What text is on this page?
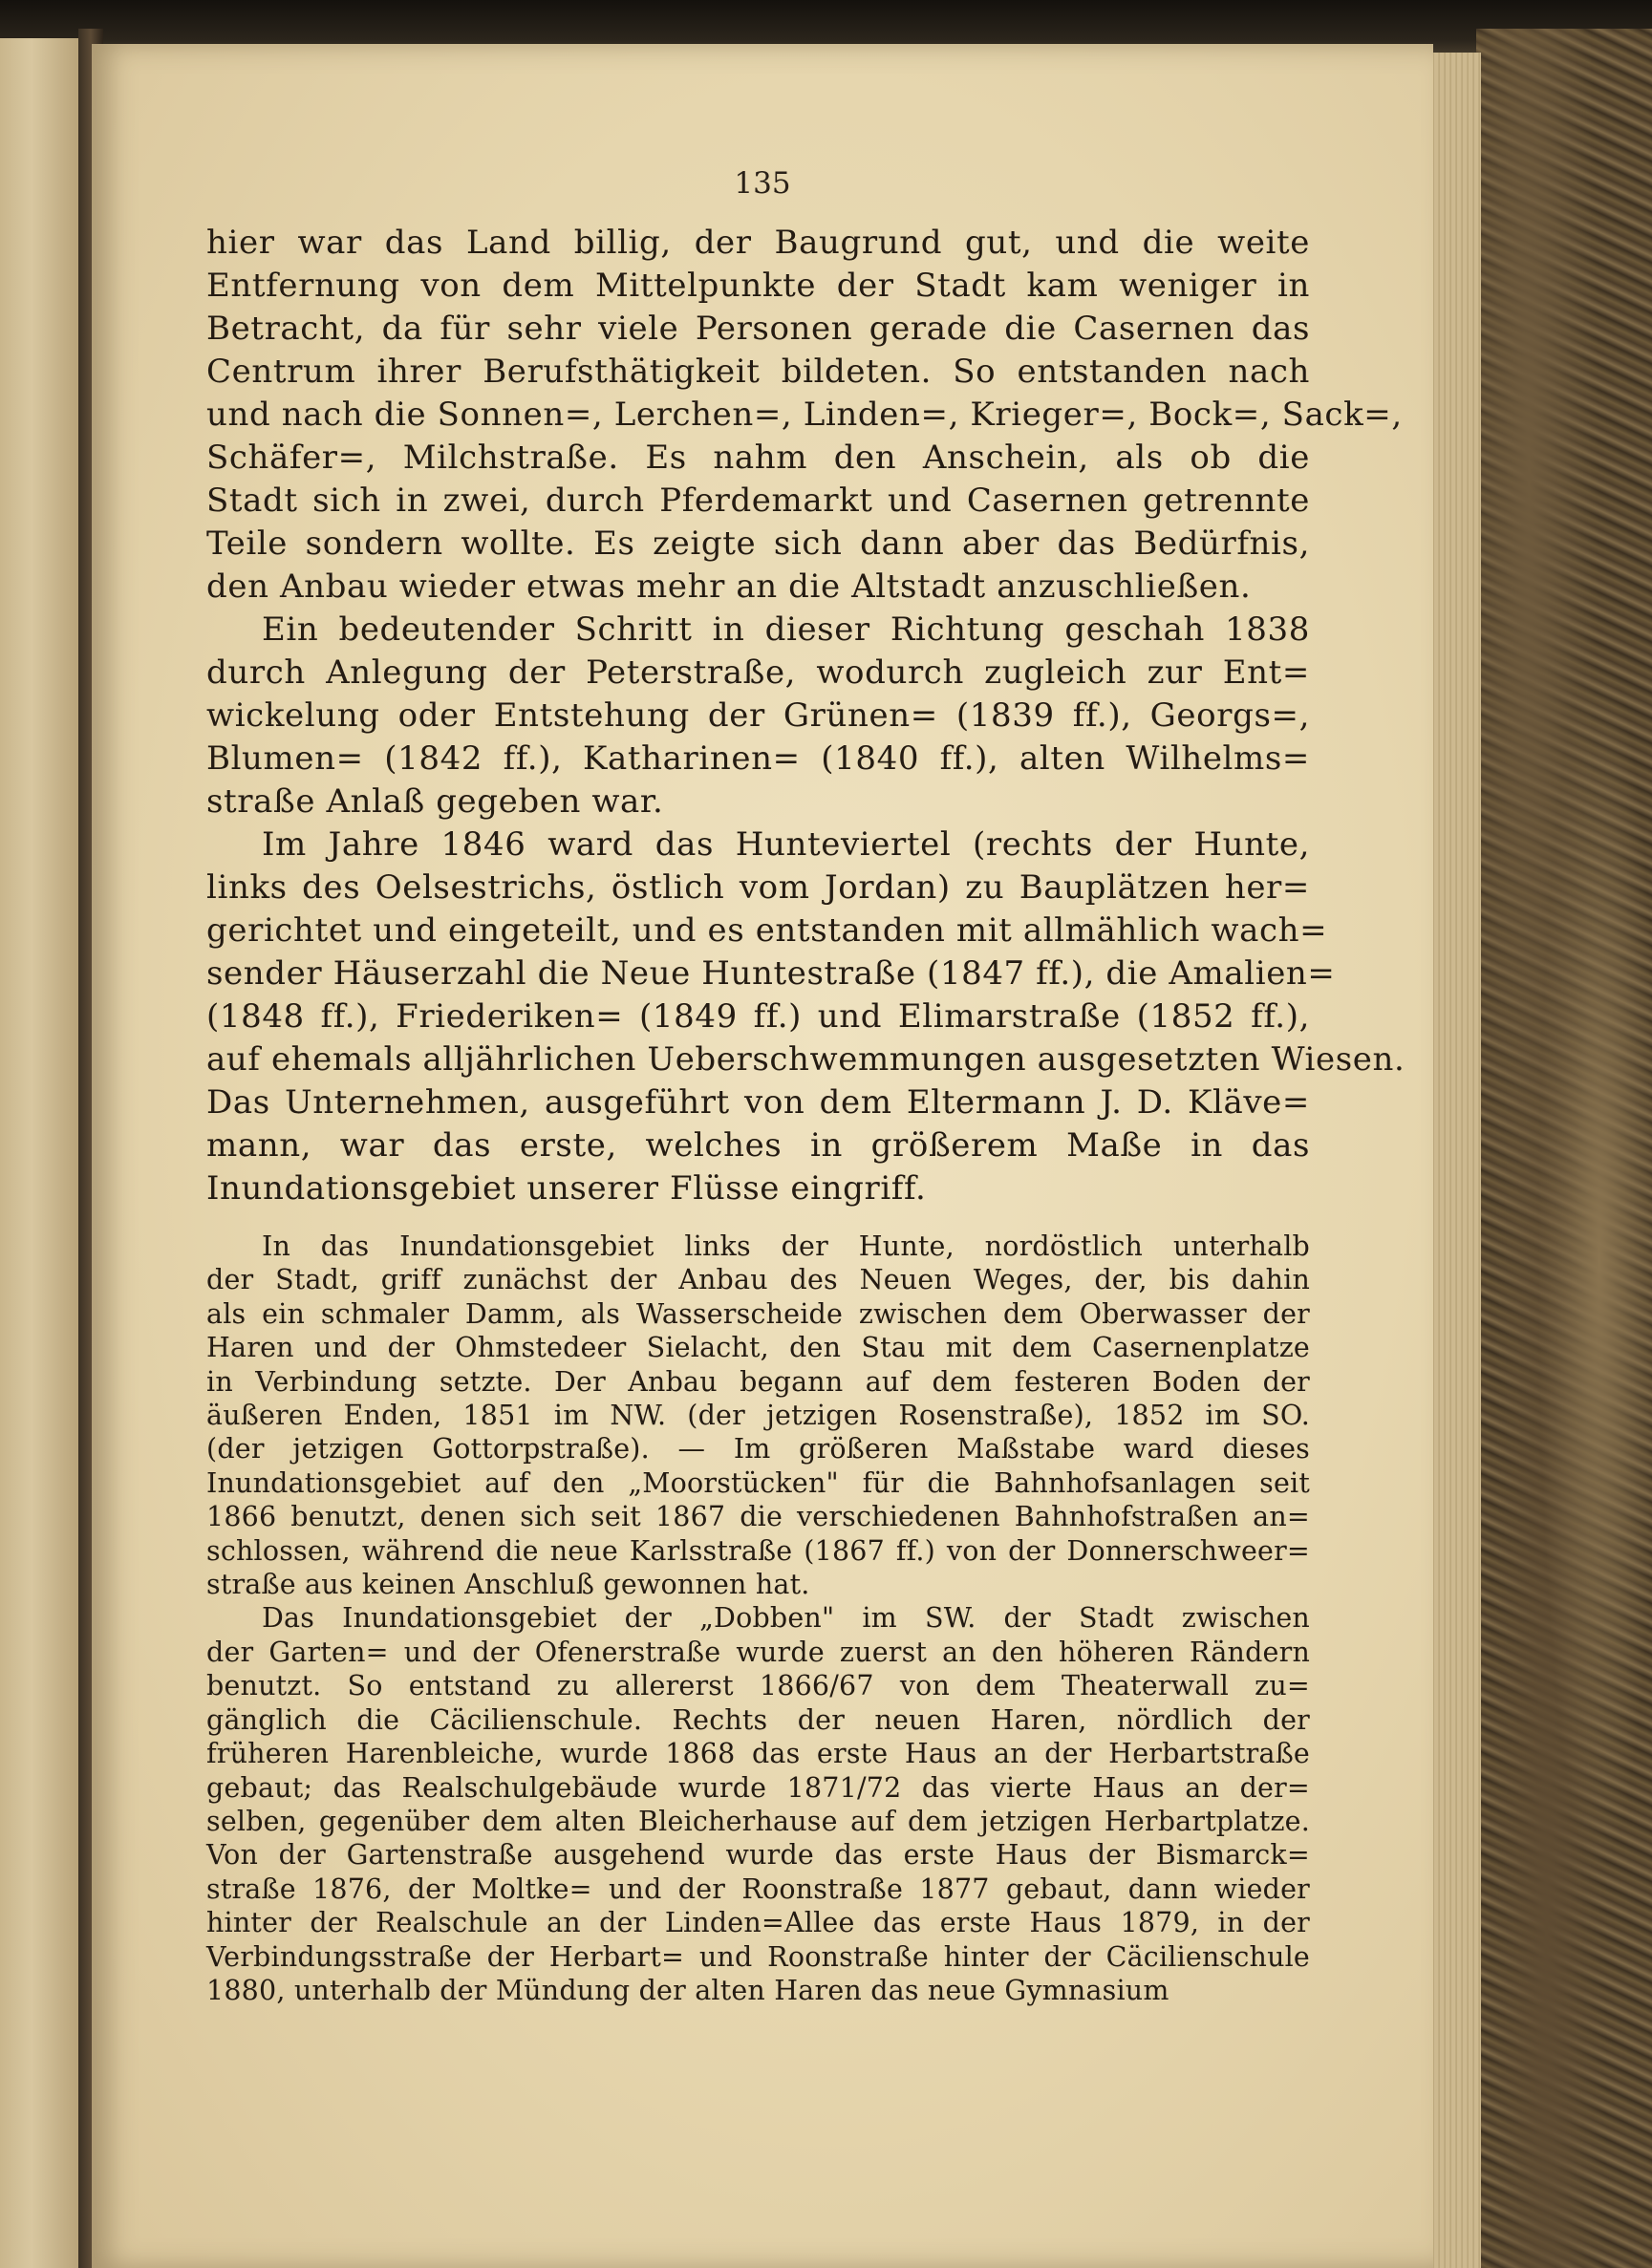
135
hier war das Land billig, der Baugrund gut, und die weite
Entfernung von dem Mittelpunkte der Stadt kam weniger in
Betracht, da für sehr viele Personen gerade die Casernen das
Centrum ihrer Berufsthätigkeit bildeten. So entstanden nach
und nach die Sonnen=, Lerchen=, Linden=, Krieger=, Bock=, Sack=,
Schäfer=, Milchstraße. Es nahm den Anschein, als ob die
Stadt sich in zwei, durch Pferdemarkt und Casernen getrennte
Teile sondern wollte. Es zeigte sich dann aber das Bedürfnis,
den Anbau wieder etwas mehr an die Altstadt anzuschließen.
Ein bedeutender Schritt in dieser Richtung geschah 1838
durch Anlegung der Peterstraße, wodurch zugleich zur Ent=
wickelung oder Entstehung der Grünen= (1839 ff.), Georgs=,
Blumen= (1842 ff.), Katharinen= (1840 ff.), alten Wilhelms=
straße Anlaß gegeben war.
Im Jahre 1846 ward das Hunteviertel (rechts der Hunte,
links des Oelsestrichs, östlich vom Jordan) zu Bauplätzen her=
gerichtet und eingeteilt, und es entstanden mit allmählich wach=
sender Häuserzahl die Neue Huntestraße (1847 ff.), die Amalien=
(1848 ff.), Friederiken= (1849 ff.) und Elimarstraße (1852 ff.),
auf ehemals alljährlichen Ueberschwemmungen ausgesetzten Wiesen.
Das Unternehmen, ausgeführt von dem Eltermann J. D. Kläve=
mann, war das erste, welches in größerem Maße in das
Inundationsgebiet unserer Flüsse eingriff.
In das Inundationsgebiet links der Hunte, nordöstlich unterhalb
der Stadt, griff zunächst der Anbau des Neuen Weges, der, bis dahin
als ein schmaler Damm, als Wasserscheide zwischen dem Oberwasser der
Haren und der Ohmstedeer Sielacht, den Stau mit dem Casernenplatze
in Verbindung setzte. Der Anbau begann auf dem festeren Boden der
äußeren Enden, 1851 im NW. (der jetzigen Rosenstraße), 1852 im SO.
(der jetzigen Gottorpstraße). — Im größeren Maßstabe ward dieses
Inundationsgebiet auf den „Moorstücken" für die Bahnhofsanlagen seit
1866 benutzt, denen sich seit 1867 die verschiedenen Bahnhofstraßen an=
schlossen, während die neue Karlsstraße (1867 ff.) von der Donnerschweer=
straße aus keinen Anschluß gewonnen hat.
Das Inundationsgebiet der „Dobben" im SW. der Stadt zwischen
der Garten= und der Ofenerstraße wurde zuerst an den höheren Rändern
benutzt. So entstand zu allererst 1866/67 von dem Theaterwall zu=
gänglich die Cäcilienschule. Rechts der neuen Haren, nördlich der
früheren Harenbleiche, wurde 1868 das erste Haus an der Herbartstraße
gebaut; das Realschulgebäude wurde 1871/72 das vierte Haus an der=
selben, gegenüber dem alten Bleicherhause auf dem jetzigen Herbartplatze.
Von der Gartenstraße ausgehend wurde das erste Haus der Bismarck=
straße 1876, der Moltke= und der Roonstraße 1877 gebaut, dann wieder
hinter der Realschule an der Linden=Allee das erste Haus 1879, in der
Verbindungsstraße der Herbart= und Roonstraße hinter der Cäcilienschule
1880, unterhalb der Mündung der alten Haren das neue Gymnasium
